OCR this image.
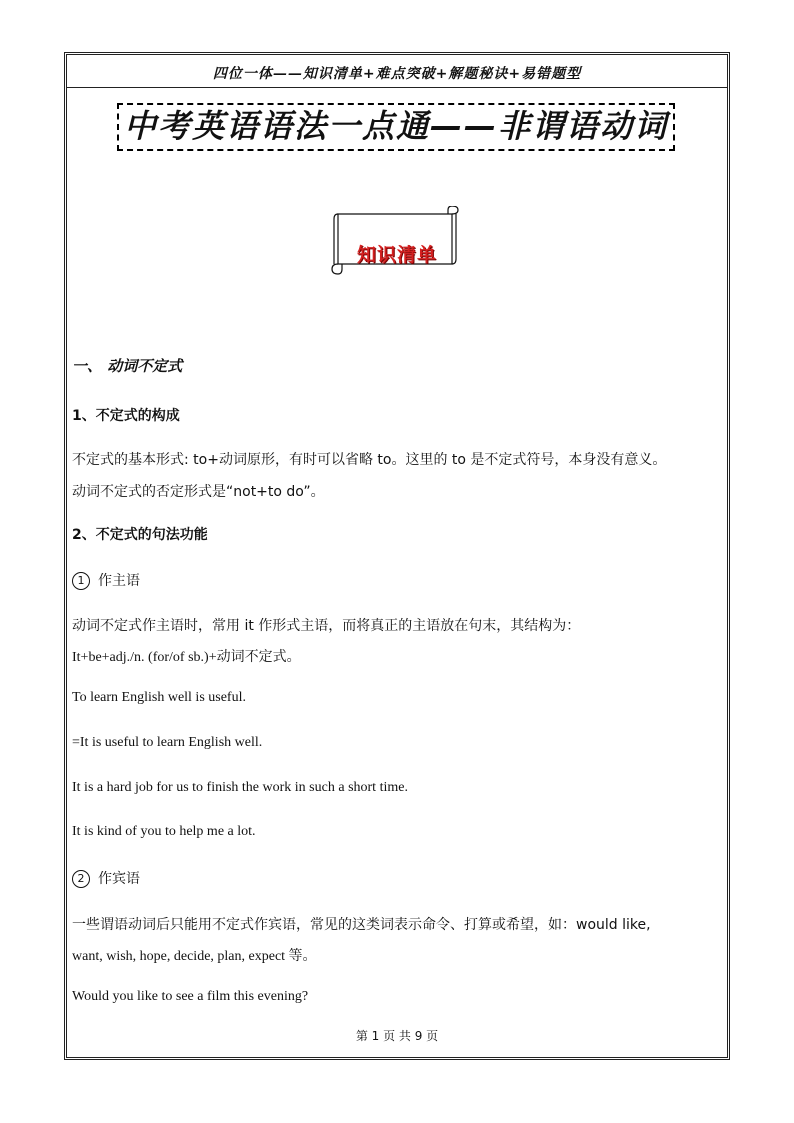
四位一体——知识清单+难点突破+解题秘诀+易错题型
中考英语语法一点通——非谓语动词
知识清单

一、 动词不定式

1、不定式的构成

不定式的基本形式: to+动词原形，有时可以省略 to。这里的 to 是不定式符号，本身没有意义。

动词不定式的否定形式是“not+to do”。

2、不定式的句法功能

1 作主语

动词不定式作主语时，常用 it 作形式主语，而将真正的主语放在句末，其结构为：

It+be+adj./n. (for/of sb.)+动词不定式。

To learn English well is useful.

=It is useful to learn English well.

It is a hard job for us to finish the work in such a short time.

It is kind of you to help me a lot.

2 作宾语

一些谓语动词后只能用不定式作宾语，常见的这类词表示命令、打算或希望，如：would like,

want, wish, hope, decide, plan, expect 等。

Would you like to see a film this evening?

第 1 页 共 9 页
